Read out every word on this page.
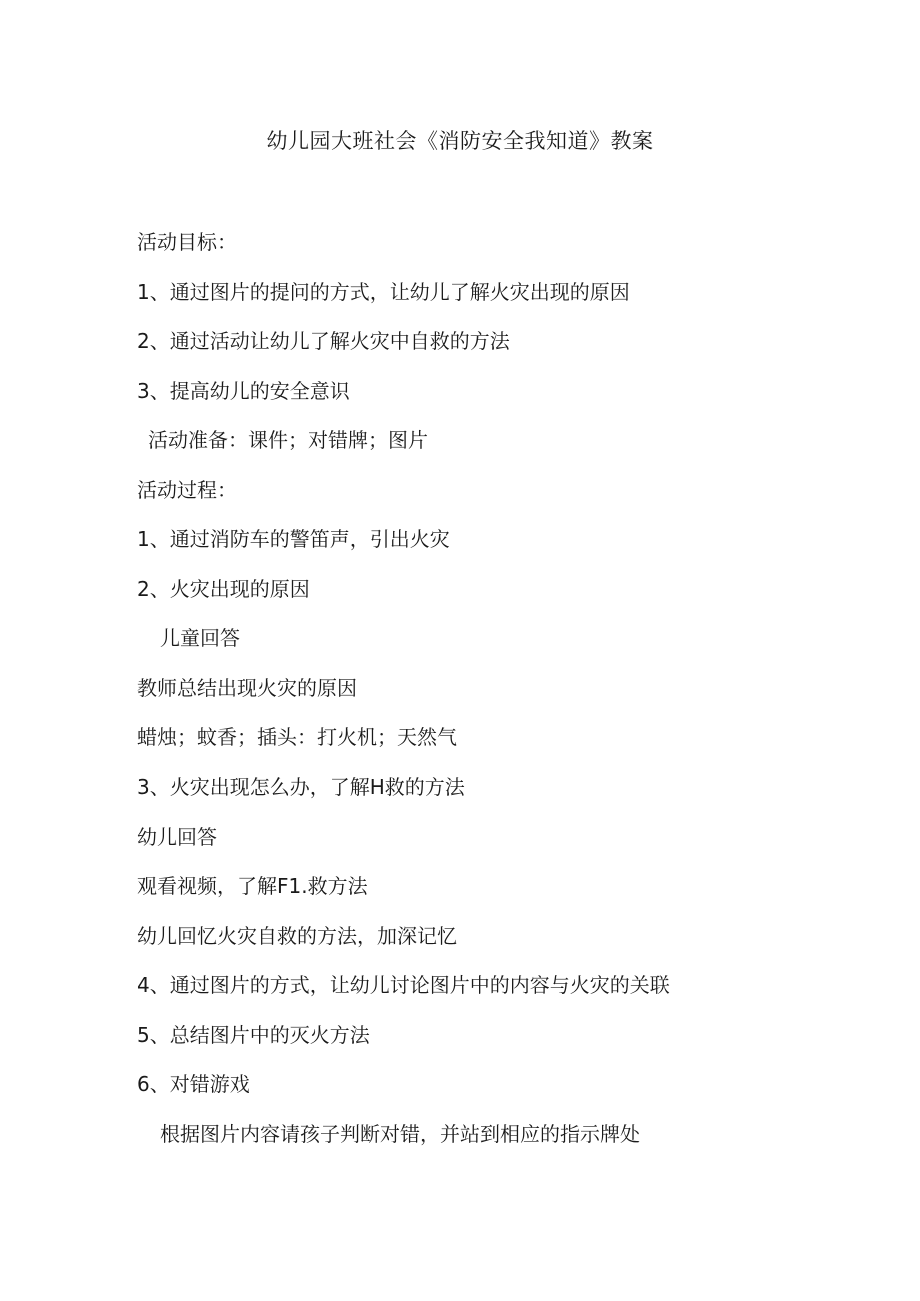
幼儿园大班社会《消防安全我知道》教案

活动目标：

1、通过图片的提问的方式，让幼儿了解火灾出现的原因

2、通过活动让幼儿了解火灾中自救的方法

3、提高幼儿的安全意识

活动准备：课件；对错牌；图片

活动过程：

1、通过消防车的警笛声，引出火灾

2、火灾出现的原因

儿童回答

教师总结出现火灾的原因

蜡烛；蚊香；插头：打火机；天然气

3、火灾出现怎么办，了解H救的方法

幼儿回答

观看视频，了解F1.救方法

幼儿回忆火灾自救的方法，加深记忆

4、通过图片的方式，让幼儿讨论图片中的内容与火灾的关联

5、总结图片中的灭火方法

6、对错游戏

根据图片内容请孩子判断对错，并站到相应的指示牌处
